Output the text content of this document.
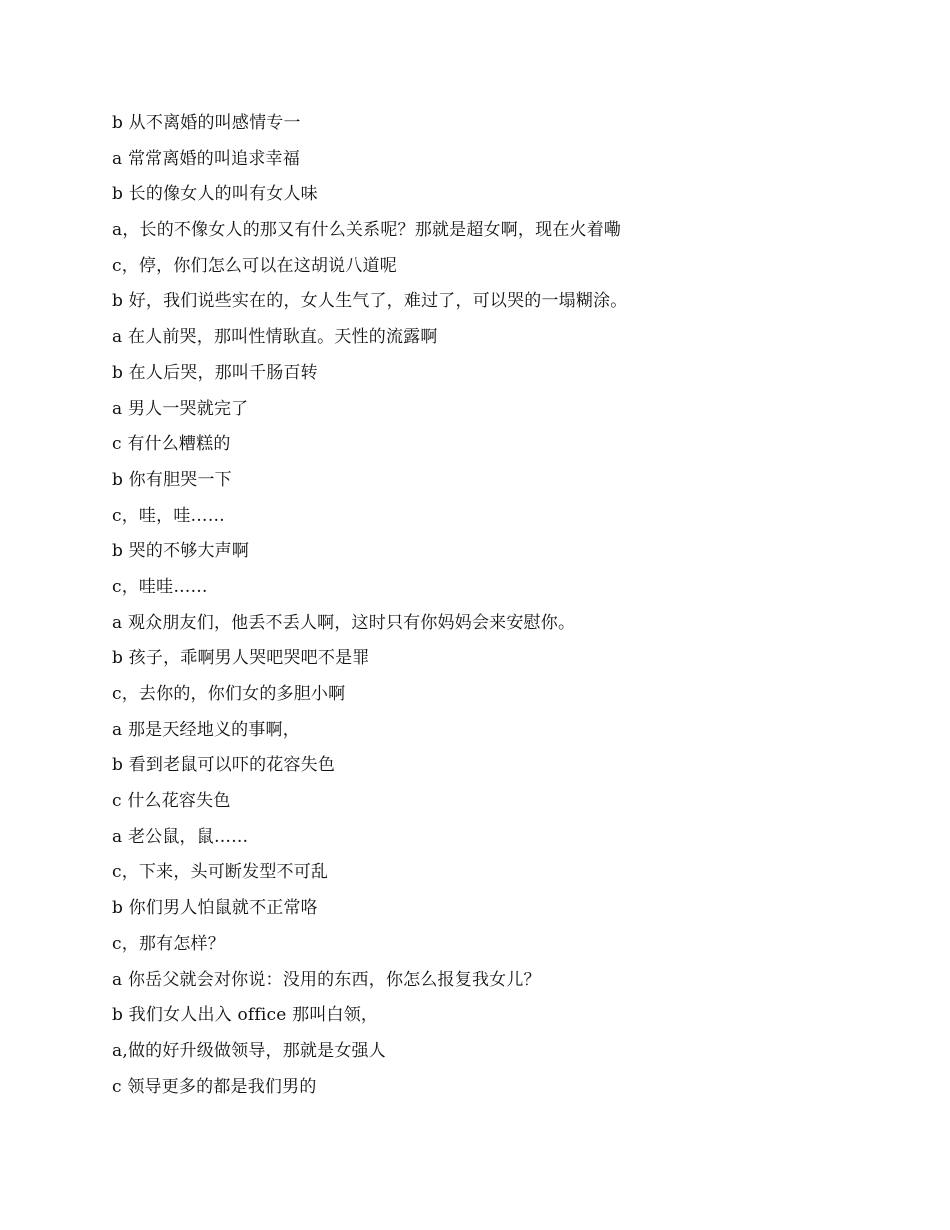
b 从不离婚的叫感情专一
a 常常离婚的叫追求幸福
b 长的像女人的叫有女人味
a，长的不像女人的那又有什么关系呢？那就是超女啊，现在火着嘞
c，停，你们怎么可以在这胡说八道呢
b 好，我们说些实在的，女人生气了，难过了，可以哭的一塌糊涂。
a 在人前哭，那叫性情耿直。天性的流露啊
b 在人后哭，那叫千肠百转
a 男人一哭就完了
c 有什么糟糕的
b 你有胆哭一下
c，哇，哇……
b 哭的不够大声啊
c，哇哇……
a 观众朋友们，他丢不丢人啊，这时只有你妈妈会来安慰你。
b 孩子，乖啊男人哭吧哭吧不是罪
c，去你的，你们女的多胆小啊
a 那是天经地义的事啊，
b 看到老鼠可以吓的花容失色
c 什么花容失色
a 老公鼠，鼠……
c，下来，头可断发型不可乱
b 你们男人怕鼠就不正常咯
c，那有怎样？
a 你岳父就会对你说：没用的东西，你怎么报复我女儿？
b 我们女人出入 office 那叫白领，
a,做的好升级做领导，那就是女强人
c 领导更多的都是我们男的
